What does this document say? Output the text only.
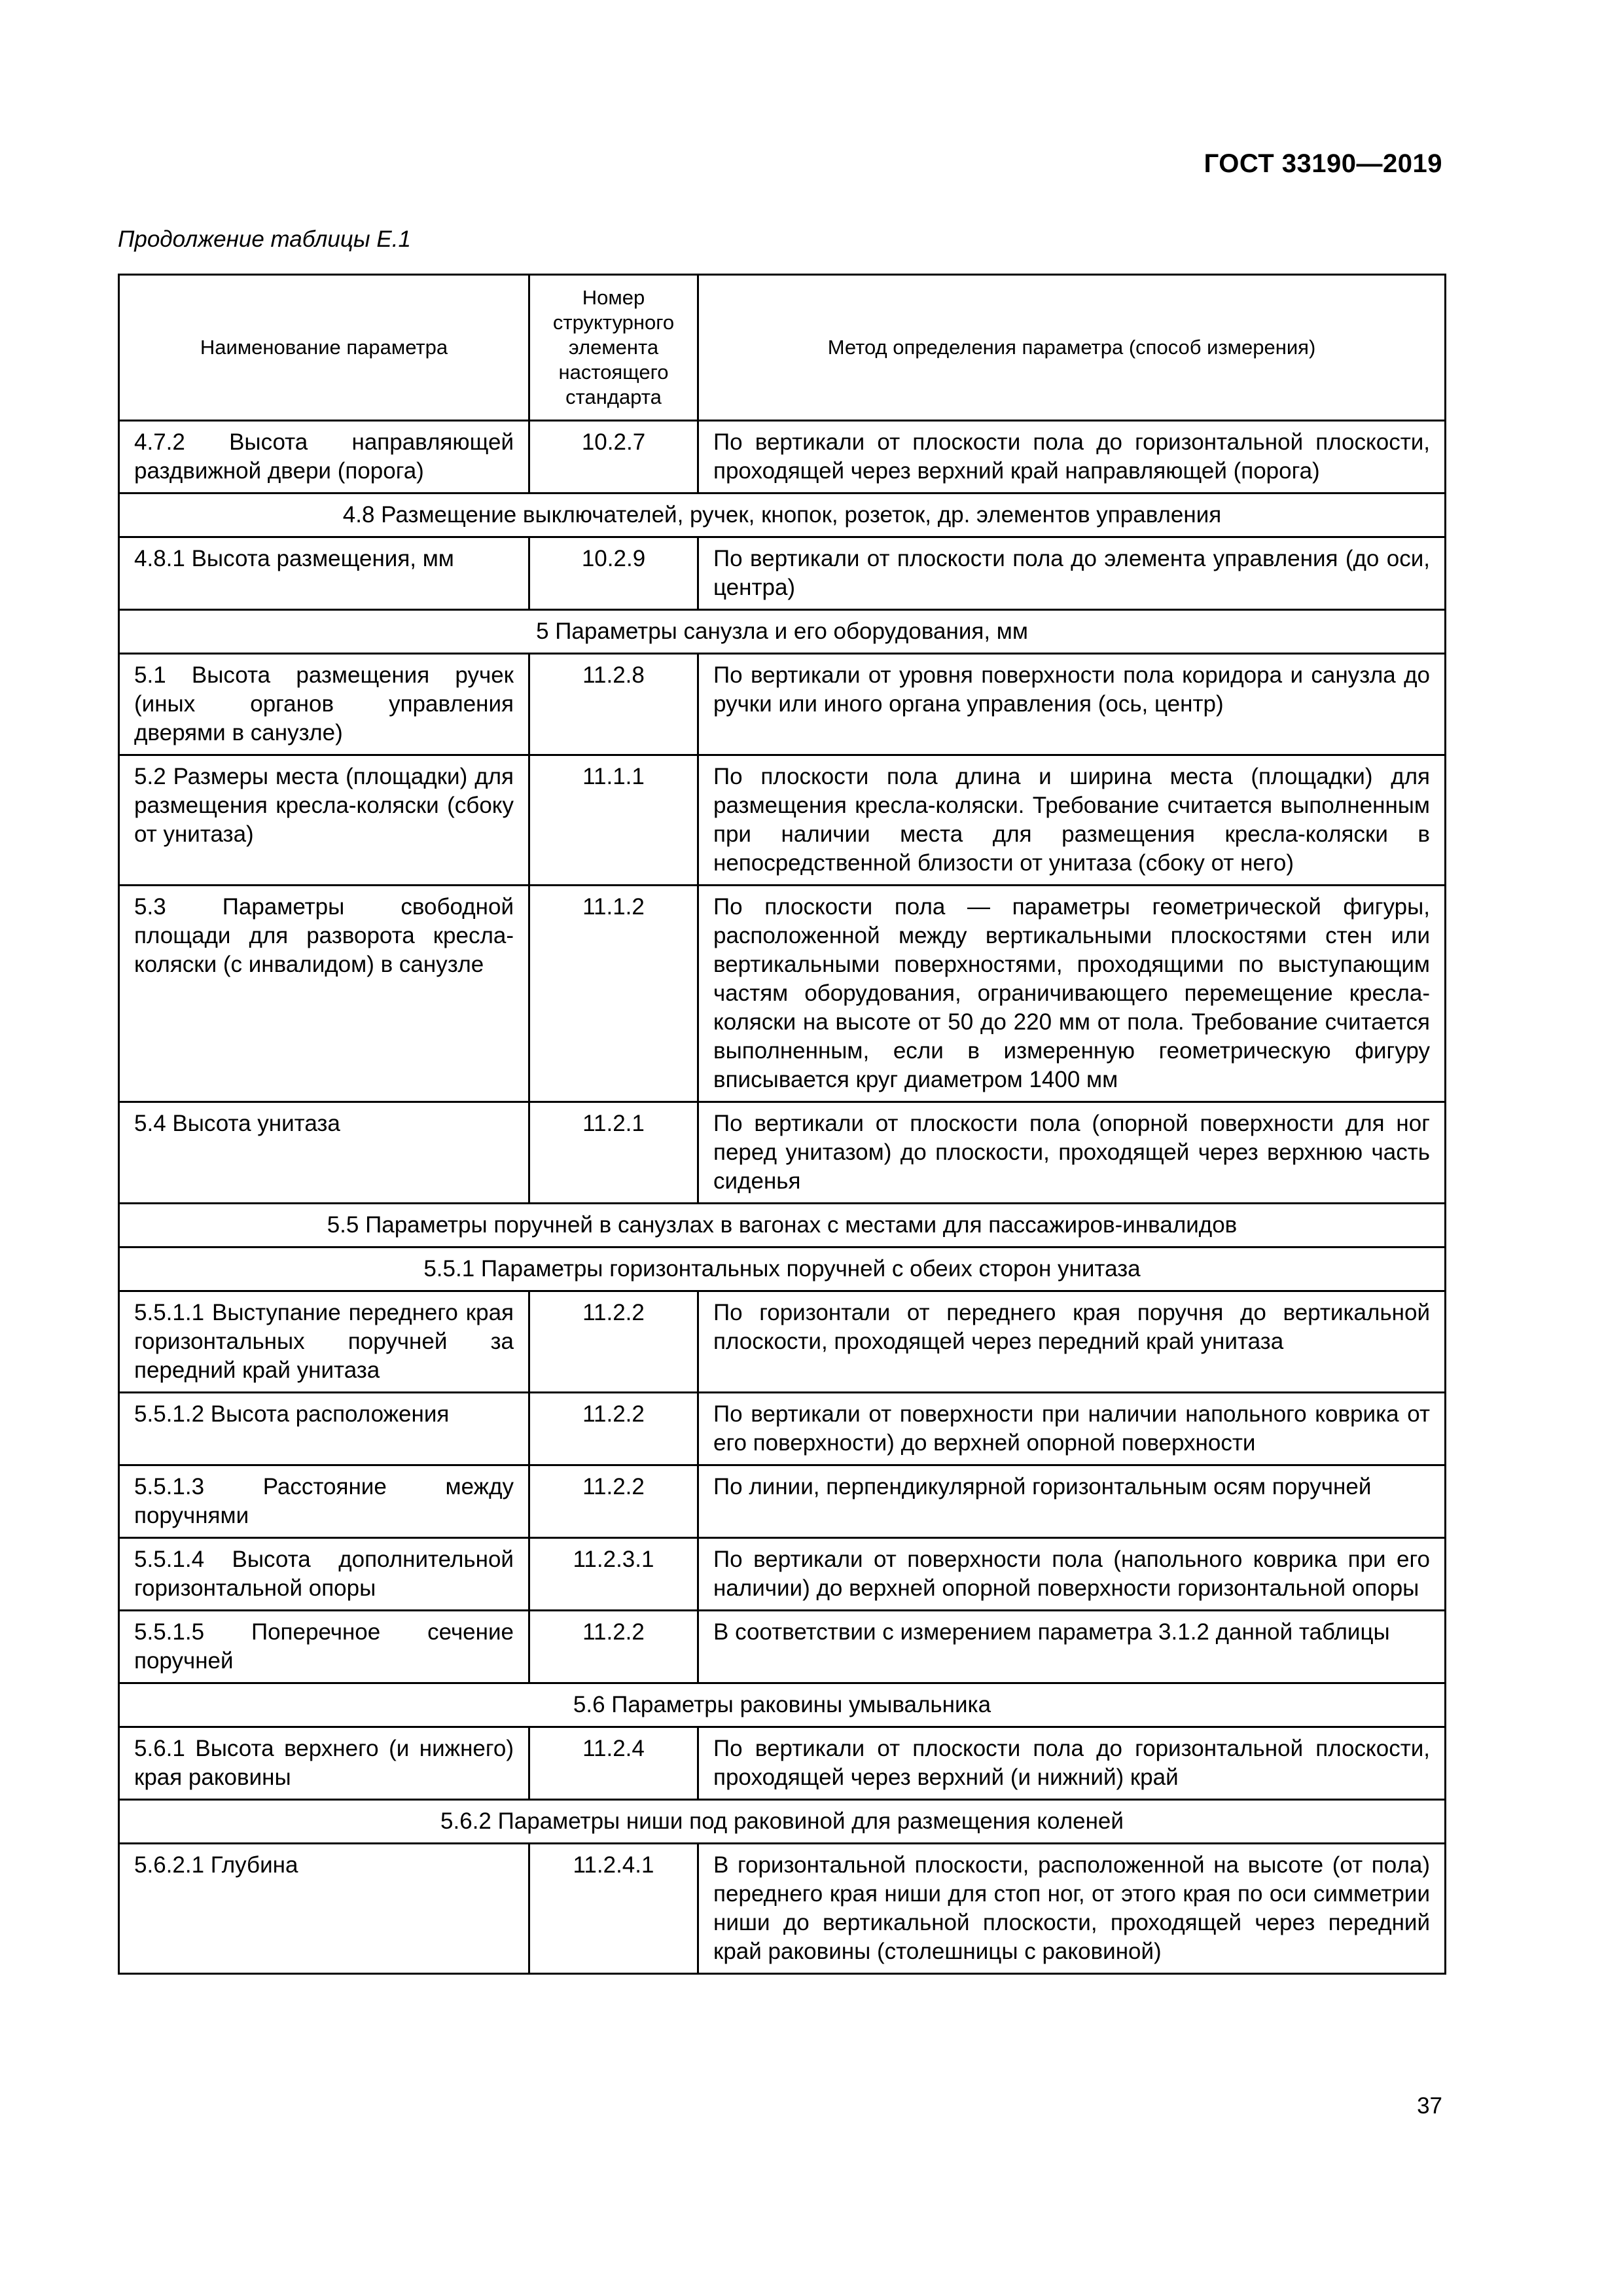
ГОСТ 33190—2019
Продолжение таблицы Е.1
Наименование параметра	Номер структурного элемента настоящего стандарта	Метод определения параметра (способ измерения)
4.7.2 Высота направляющей раздвижной двери (порога)	10.2.7	По вертикали от плоскости пола до горизонтальной плоскости, проходящей через верхний край направляющей (порога)
4.8 Размещение выключателей, ручек, кнопок, розеток, др. элементов управления		
4.8.1 Высота размещения, мм	10.2.9	По вертикали от плоскости пола до элемента управления (до оси, центра)
5 Параметры санузла и его оборудования, мм		
5.1 Высота размещения ручек (иных органов управления дверями в санузле)	11.2.8	По вертикали от уровня поверхности пола коридора и санузла до ручки или иного органа управления (ось, центр)
5.2 Размеры места (площадки) для размещения кресла-коляски (сбоку от унитаза)	11.1.1	По плоскости пола длина и ширина места (площадки) для размещения кресла-коляски. Требование считается выполненным при наличии места для размещения кресла-коляски в непосредственной близости от унитаза (сбоку от него)
5.3 Параметры свободной площади для разворота кресла-коляски (с инвалидом) в санузле	11.1.2	По плоскости пола — параметры геометрической фигуры, расположенной между вертикальными плоскостями стен или вертикальными поверхностями, проходящими по выступающим частям оборудования, ограничивающего перемещение кресла-коляски на высоте от 50 до 220 мм от пола. Требование считается выполненным, если в измеренную геометрическую фигуру вписывается круг диаметром 1400 мм
5.4 Высота унитаза	11.2.1	По вертикали от плоскости пола (опорной поверхности для ног перед унитазом) до плоскости, проходящей через верхнюю часть сиденья
5.5 Параметры поручней в санузлах в вагонах с местами для пассажиров-инвалидов		
5.5.1 Параметры горизонтальных поручней с обеих сторон унитаза		
5.5.1.1 Выступание переднего края горизонтальных поручней за передний край унитаза	11.2.2	По горизонтали от переднего края поручня до вертикальной плоскости, проходящей через передний край унитаза
5.5.1.2 Высота расположения	11.2.2	По вертикали от поверхности при наличии напольного коврика от его поверхности) до верхней опорной поверхности
5.5.1.3 Расстояние между поручнями	11.2.2	По линии, перпендикулярной горизонтальным осям поручней
5.5.1.4 Высота дополнительной горизонтальной опоры	11.2.3.1	По вертикали от поверхности пола (напольного коврика при его наличии) до верхней опорной поверхности горизонтальной опоры
5.5.1.5 Поперечное сечение поручней	11.2.2	В соответствии с измерением параметра 3.1.2 данной таблицы
5.6 Параметры раковины умывальника		
5.6.1 Высота верхнего (и нижнего) края раковины	11.2.4	По вертикали от плоскости пола до горизонтальной плоскости, проходящей через верхний (и нижний) край
5.6.2 Параметры ниши под раковиной для размещения коленей		
5.6.2.1 Глубина	11.2.4.1	В горизонтальной плоскости, расположенной на высоте (от пола) переднего края ниши для стоп ног, от этого края по оси симметрии ниши до вертикальной плоскости, проходящей через передний край раковины (столешницы с раковиной)
37
